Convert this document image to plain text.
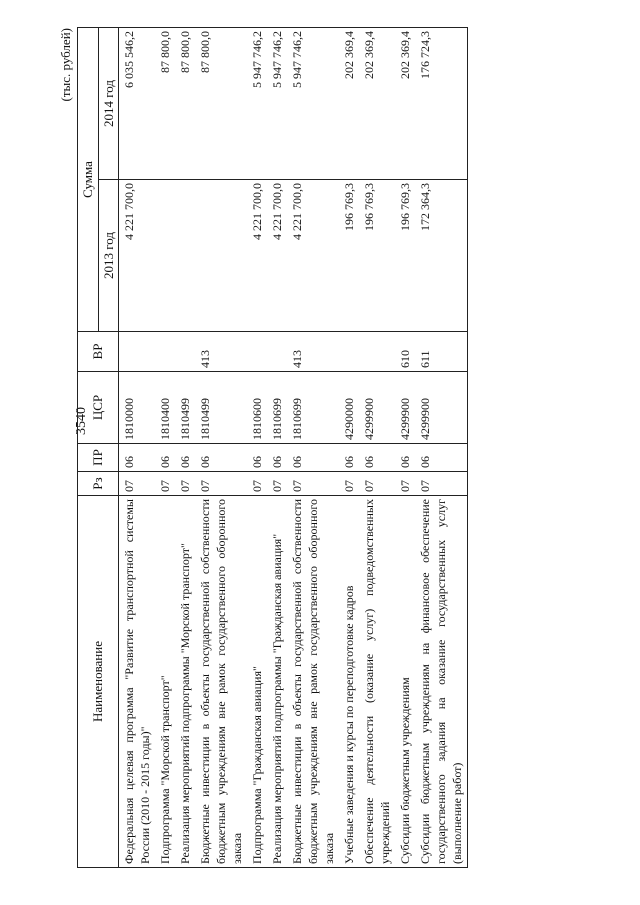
3540
(тыс. рублей)
Наименование	Рз	ПР	ЦСР	ВР	Сумма	
					2013 год	2014 год
Федеральная целевая программа "Развитие транспортной системы России (2010 - 2015 годы)"	07	06	1810000		4 221 700,0	6 035 546,2
Подпрограмма "Морской транспорт"	07	06	1810400			87 800,0
Реализация мероприятий подпрограммы "Морской транспорт"	07	06	1810499			87 800,0
Бюджетные инвестиции в объекты государственной собственности бюджетным учреждениям вне рамок государственного оборонного заказа	07	06	1810499	413		87 800,0
Подпрограмма "Гражданская авиация"	07	06	1810600		4 221 700,0	5 947 746,2
Реализация мероприятий подпрограммы "Гражданская авиация"	07	06	1810699		4 221 700,0	5 947 746,2
Бюджетные инвестиции в объекты государственной собственности бюджетным учреждениям вне рамок государственного оборонного заказа	07	06	1810699	413	4 221 700,0	5 947 746,2
Учебные заведения и курсы по переподготовке кадров	07	06	4290000		196 769,3	202 369,4
Обеспечение деятельности (оказание услуг) подведомственных учреждений	07	06	4299900		196 769,3	202 369,4
Субсидии бюджетным учреждениям	07	06	4299900	610	196 769,3	202 369,4
Субсидии бюджетным учреждениям на финансовое обеспечение государственного задания на оказание государственных услуг (выполнение работ)	07	06	4299900	611	172 364,3	176 724,3
